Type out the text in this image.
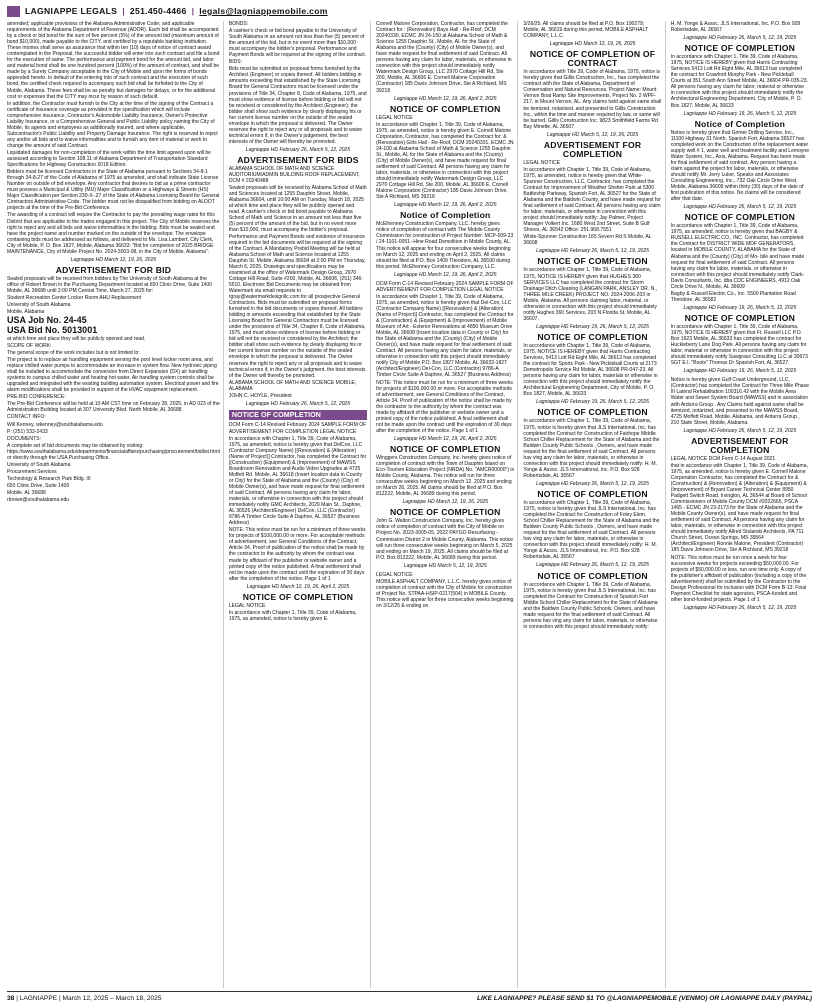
LAGNIAPPE LEGALS | 251.450-4466 | legals@lagniappemobile.com

amended; applicable provisions of the Alabama Administrative Code; and applicable requirements of the Alabama Department of Revenue (ADOR). Each bid shall be accompanied by a check or bid bond for the sum of five percent (5%) of the amount bid (maximum amount of bond $10,000), made payable to the CITY, and certified by a reputable banking institution. These monies shall serve as assurance that within ten (10) days of notice of contract award contemplated in the Proposal, the successful bidder will enter into such contract and file a bond for the execution of same. The performance and payment bond for the amount bid, and labor and material bond shall be one hundred percent (100%) of the amount of contract, and shall be made by a Surety Company acceptable to the City of Mobile and upon the forms of bonds appended hereto. In default of the entering into of such contract and the execution of such bond, the certified check required to accompany such bid shall be forfeited to the City of Mobile, Alabama. These fees shall be as penalty but damages for delays, or for the additional cost or expenses that the CITY may incur by reason of such default.

In addition, the Contractor must furnish to the City at the time of the signing of the Contract a certificate of insurance coverage as provided in the specification which will include comprehensive insurance, Contractor's Automobile Liability Insurance, Owner's Protective Liability Insurance, or a Comprehensive General and Public Liability policy naming the City of Mobile, its agents and employees as additionally insured, and where applicable, Subcontractor's Public Liability and Property Damage Insurance. The right is reserved to reject any and/or all bids and to waive informalities and to furnish any item of material or work to change the amount of said Contract.

Liquidated damages for non-completion of the work within the time limit agreed upon will be assessed according to Section 108.11 of Alabama Department of Transportation Standard Specifications for Highway Construction 2018 Edition.

Bidders must be licensed Contractors in the State of Alabama pursuant to Sections 34-8-1 through 34-8-27 of the Code of Alabama of 1975 as amended, and shall indicate State License Number on outside of bid envelope. Any contractor that desires to bid as a prime contractor must possess a Municipal & Utility (MU) Major Classification or a Highways & Streets (HS) Major Classification per Section 230-X-.27 of the State of Alabama Licensing Board for General Contractors Administrative Code. The bidder must not be disqualified from bidding on ALDOT projects at the time of the Pre-Bid Conference.

The awarding of a contract will require the Contractor to pay the prevailing wage rates for this District that are applicable to the trades engaged in this project. The City of Mobile reserves the right to reject any and all bids and waive informalities in the bidding. Bids must be sealed and have the project name and number marked on the outside of the envelope. The envelope containing bids must be addressed as follows, and delivered to Ms. Lisa Lambert, City Clerk, City of Mobile, P. O. Box 1827, Mobile, Alabama 36633: "Bid for completion of 2025 BRIDGE MAINTENANCE, City of Mobile Project No. 2024-3003-08, in the City of Mobile, Alabama".

Lagniappe HD March 12, 19, 26, 2025
ADVERTISEMENT FOR BID

Sealed proposals will be received from bidders by The University of South Alabama at the office of Robert Brown in the Purchasing Department located at 650 Clinic Drive, Suite 1400 Mobile, AL 36688 until 2:00 PM Central Time, March 27, 2025 for:

Student Recreation Center Locker Room AHU Replacement

University of South Alabama

Mobile, Alabama

USA Job No. 24-45
USA Bid No. 5013001

at which time and place they will be publicly opened and read.

SCOPE OF WORK:

The general scope of the work includes but is not limited to:

The project is to replace air handling equipment serving the pool level locker room area, and replace chilled water pumps to accommodate an increase in system flow. New hydronic piping shall be installed to accommodate the conversion from Direct Expansion (DX) air handling systems to campus chilled water and heating hot water. Air handling system controls shall be upgraded and integrated with the existing building automation system. Electrical power and fire alarm modifications shall be provided in support of the HVAC equipment replacement.

PRE-BID CONFERENCE:

The Pre-Bid Conference will be held at 10 AM CST time on February 28, 2025, in AD 023 of the Administration Building located at 307 University Blvd. North Mobile, AL 36688

CONTACT INFO:

Will Kenney, wkenney@southalabama.edu

P: (251) 533-2433

DOCUMENTS:

A complete set of bid documents may be obtained by visiting: https://www.southalabama.edu/departments/financialaffairs/purchasing/procurement/bidlist.html or directly through the USA Purchasing Office.

University of South Alabama

Procurement Services

Technology & Research Park Bldg. III

650 Clinic Drive, Suite 1400

Mobile, AL 36688

rbrown@southalabama.edu

BONDS:

A cashier's check or bid bond payable to the University of South Alabama in an amount not less than five (5) percent of the amount of the bid, but in no event more than $10,000 must accompany the bidder's proposal. Performance and Payment Bonds will be required at the signing of the contract.

BIDS:

Bids must be submitted on proposal forms furnished by the Architect (Engineer) or copies thereof. All bidders bidding in amounts exceeding that established by the State Licensing Board for General Contractors must be licensed under the provisions of Title 34, Chapter 8, Code of Alabama, 1975, and must show evidence of license before bidding or bid will not be received or considered by the Architect (Engineer); the bidder shall show such evidence by clearly displaying his or her current license number on the outside of the sealed envelope in which the proposal is delivered. The Owner reserves the right to reject any or all proposals and to waive technical errors if, in the Owner's judgement, the best interests of the Owner will thereby be promoted.

Lagniappe HD February 26, March 5, 12, 2025
ADVERTISEMENT FOR BIDS

ALABAMA SCHOOL OF MATH AND SCIENCE AUDITORIUM/ADMIN BUILDING ROOF REPLACEMENT, DCM # 20240488

Sealed proposals will be received by Alabama School of Math and Sciences located at 1255 Dauphin Street, Mobile, Alabama 36604, until 10:00 AM on Tuesday, March 18, 2025 at which time and place they will be publicly opened and read. A cashier's check or bid bond payable to Alabama School of Math and Science in an amount not less than five (5) percent of the amount of the bid, but in no event more than $10,000, must accompany the bidder's proposal. Performance and Payment Bonds and evidence of insurance required in the bid documents will be required at the signing of the Contract. A Mandatory Prebid Meeting will be held at Alabama School of Math and Science located at 1255 Dauphin St. Mobile, Alabama 36604 at 2:00 PM on Thursday, March 6, 2025. Drawings and specifications may be examined at the office of Watermark Design Group, 2970 Cottage Hill Road, Suite #200, Mobile, AL 36606, (251) 346-5510. Electronic Bid Documents may be obtained from Watermark via email requests to rgray@watermarkdesignllc.com for all prospective General Contractors. Bids must be submitted on proposal forms furnished in the bid documents or copies thereof. All bidders bidding in amounts exceeding that established by the State Licensing Board for General Contractors must be licensed under the provisions of Title 34, Chapter 8, Code of Alabama, 1975, and must show evidence of license before bidding or bid will not be received or considered by the Architect; the bidder shall show such evidence by clearly displaying his or her current license number on the outside of the sealed envelope in which the proposal is delivered. The Owner reserves the right to reject any or all proposals and to waive technical errors if, in the Owner's judgment, the best interests of the Owner will thereby be promoted.

ALABAMA SCHOOL OF MATH AND SCIENCE MOBILE, ALABAMA

JOHN C. HOYLE, President

Lagniappe HD February 26, March 5, 12, 2025
NOTICE OF COMPLETION

DCM Form C-14 Revised February 2024 SAMPLE FORM OF ADVERTISEMENT FOR COMPLETION LEGAL NOTICE

In accordance with Chapter 1, Title 39, Code of Alabama, 1975, as amended, notice is hereby given that DelCon, LLC (Contractor Company Name) [(Renovation) & (Alteration) (Name of Project)] Contractor, has completed the Contract for [(Construction) (Equipment) & (Improvement) of MAWSS Boardroom Renovation and Audio Video Upgrades at 4725 Moffett Rd. Mobile, AL 36618 (Insert location data in County or City) for the State of Alabama and the (County) (City) of Mobile Owner(s), and have made request for final settlement of said Contract. All persons having any claim for labor, materials, or otherwise in connection with this project should immediately notify GMC Architects, 2029 Main St., Daphne, AL 36526 (Architect/Engineer) DelCon, LLC (Contractor) 9786-A Timber Circle Suite A Daphne, AL 36527 (Business Address)

NOTE: This notice must be run for a minimum of three weeks for projects of $100,000.00 or more. For acceptable methods of advertisement, see General Conditions of the Contract, Article 34. Proof of publication of the notice shall be made by the contractor to the authority by whom the contract was made by affidavit of the publisher or website owner and a printed copy of the notice published. A final settlement shall not be made upon the contract until the expiration of 30 days after the completion of the notice. Page 1 of 1

Lagniappe HD March 12, 19, 26, April 2, 2025
NOTICE OF COMPLETION

LEGAL NOTICE

In accordance with Chapter 1, Title 39, Code of Alabama, 1975, as amended, notice is hereby given E.

Cornell Malone Corporation, Contractor, has completed the Contract for : (Renovation) Bays Hall - Re-Roof, DCM 20240330, ECMC JN 24-150 at Alabama School of Math & Science 1255 Dauphin St., Mobile, AL for the State of Alabama and the (County) (City) of Mobile Owner(s), and have made request for final settlement of said Contract. All persons having any claim for labor, materials, or otherwise in connection with this project should immediately notify Watermark Design Group, LLC 2970 Cottage Hill Rd, Ste 200, Mobile, AL 36606 E. Cornell Malone Corporation (Contractor) 185 Davis Johnson Drive, Ste A Richland, MS 39218

Lagniappe HD March 12, 19, 26, April 2, 2025
NOTICE OF COMPLETION

LEGAL NOTICE

In accordance with Chapter 1, Title 39, Code of Alabama, 1975, as amended, notice is hereby given E. Cornell Malone Corporation, Contractor, has completed the Contract for: & (Renovation) Girls Hall - Re-Roof, DCM 20240331, ECMC JN 24-100 at Alabama School of Math & Science 1255 Dauphin St., Mobile, AL for the State of Alabama and the (County) (City) of Mobile Owner(s), and have made request for final settlement of said Contract. All persons having any claim for labor, materials, or otherwise in connection with this project should immediately notify Watermark Design Group, LLC 2970 Cottage Hill Rd, Ste 200, Mobile, AL 36606 E. Cornell Malone Corporation (Contractor) 185 Davis Johnson Drive, Ste A Richland, MS 39218

Lagniappe HD March 12, 19, 26, April 2, 2025
Notice of Completion

McElhenney Construction Company, LLC. hereby gives notice of completion of contract with The Mobile County Commission for construction of Project Number: MCP-009-23 / 24-1101-0051--Hine Road Demolition in Mobile County, AL. This notice will appear for four consecutive weeks beginning on March 12, 2025 and ending on April 2, 2025. All claims should be filed at P.O. Box 1409 Theodore, AL 36590 during this period. McElhenney Construction Company, LLC.

Lagniappe HD March 12, 19, 26, April 2, 2025

DCM Form C-14 Revised February 2024 SAMPLE FORM OF ADVERTISEMENT FOR COMPLETION LEGAL NOTICE

In accordance with Chapter 1, Title 39, Code of Alabama, 1975, as amended, notice is hereby given that Del-Con, LLC (Contractor Company Name) [(Renovation) & (Alteration) (Name of Project)] Contractor, has completed the Contract for & (Construction) & (Equipment) & (Improvement) of Mobile Museum of Art - Exterior Renovations at 4850 Museum Drive Mobile, AL 36608 (Insert location data in County or City) for the State of Alabama and the (County) (City) of Mobile Owner(s), and have made request for final settlement of said Contract. All persons having any claim for labor, materials, or otherwise in connection with this project should immediately notify City of Mobile P.O. Box 1827 Mobile, AL 36633-1827 (Architect/Engineer) Del-Con, LLC (Contractor) 9786-A Timber Circle Suite A Daphne, AL 36527 (Business Address)

NOTE: This notice must be run for a minimum of three weeks for projects of $100,000.00 or more. For acceptable methods of advertisement, see General Conditions of the Contract, Article 34. Proof of publication of the notice shall be made by the contractor to the authority by whom the contract was made by affidavit of the publisher or website owner and a printed copy of the notice published. A final settlement shall not be made upon the contract until the expiration of 30 days after the completion of the notice. Page 1 of 1

Lagniappe HD March 12, 19, 26, April 2, 2025
NOTICE OF COMPLETION

Winggers Construction Company, Inc. hereby gives notice of completion of contract with the Town of Dauphin Island on Eco-Tourism Education Project (NRDA) No. "AMCR00000") in Mobile County, Alabama. This notice will run for three consecutive weeks beginning on March 12, 2025 and ending on March 26, 2025. All claims should be filed at P.O. Box 812222, Mobile, AL 36689 during this period.

Lagniappe HD March 12, 19, 26, 2025
NOTICE OF COMPLETION

John G. Walton Construction Company, Inc. hereby gives notice of completion of contract with the City of Mobile on Project No. 2023-3005-05, 2022 PAYGO Resurfacing - Commission District 2 in Mobile County, Alabama. This notice will run three consecutive weeks beginning on March 5, 2025 and ending on March 19, 2025. All claims should be filed at P.O. Box 812222, Mobile, AL 36689 during this period.

Lagniappe HD March 5, 12, 19, 2025

LEGAL NOTICE

MOBILE ASPHALT COMPANY, L.L.C. hereby gives notice of completion of contract with the City of Mobile for construction of Project No. STPAA-HSIP-0217(504) in MOBILE County. This notice will appear for three consecutive weeks beginning on 3/12/25 & ending on

3/26/25. All claims should be filed at P.O. Box 190279; Mobile, AL 36619 during this period. MOBILE ASPHALT COMPANY, L.L.C.

Lagniappe HD March 12, 19, 26, 2025
NOTICE OF COMPLETION OF CONTRACT

In accordance with Title 39, Code of Alabama, 1975, notice is hereby given that Gillis Construction, Inc., has completed the contract with the State of Alabama, Department of Conservation and Natural Resources. Project Name: Mount Vernon Boat Ramp Site Improvements, Project No. 2 WPF-217, in Mount Vernon, AL. Any claims held against same shall be itemized, notarized, and presented to Gillis Construction Inc., within the time and manner required by law, or same will be barred. Gillis Construction Inc. 9823 Smithfield Farms Rd Bay Minette, AL 36507

Lagniappe HD March 5, 12, 19, 26, 2025
ADVERTISEMENT FOR COMPLETION

LEGAL NOTICE

In accordance with Chapter 1, Title 39, Code of Alabama, 1975, as amended, notice is hereby given that White-Spunner Construction, LLC, Contractor, has completed the Contract for Improvement of Weather Shelter Park at 5300 Battleship Parkway, Spanish Fort, AL 36527 for the State of Alabama and the Baldwin County, and have made request for final settlement of said Contract. All persons having any claim for labor, materials, or otherwise in connection with this project should immediately notify: Jay Palmer, Project Manager Volkert Inc. 1680 West 2nd Street, Suite B Gulf Shores, AL 36542 Office: 251.968.7551

White-Spunner Construction 165 Severn Rd S Mobile, AL 36608

Lagniappe HD February 26, March 5, 12, 19, 2025
NOTICE OF COMPLETION

In accordance with Chapter 1, Title 39, Code of Alabama, 1975, NOTICE IS HEREBY given that HUGHES 360 SERVICES LLC has completed the contract for Storm Drainage Ditch Cleaning (LANGAN PARK, ANSLEY DR. N., THREE MILE CREEK) PROJECT NO. 2024-2006-203 in Mobile, Alabama. All persons claiming labor, material, or otherwise in connection with this project should immediately notify Hughes 360 Services, 203 N Florida St. Mobile, AL 36607.

Lagniappe HD February 19, 26, March 5, 12, 2025
NOTICE OF COMPLETION

In accordance with Chapter 1, Title 39, Code of Alabama, 1975, NOTICE IS HEREBY given that Harris Contracting Services, 5413 Lott Rd Eight Mile, AL 36613 has completed the contract for Sports Park - New Pickleball Courts at 2173 Demetropolis Service Rd Mobile, AL 36608 PR-047-23. All persons having any claim for labor, materials or otherwise in connection with this project should immediately notify the Architectural Engineering Department, City of Mobile, P. O. Box 1827, Mobile, AL 36633

Lagniappe HD February 19, 26, March 5, 12, 2025
NOTICE OF COMPLETION

In accordance with Chapter 1, Title 39, Code of Alabama, 1975, notice is hereby given that JLS International, Inc. has completed the Contract for Construction of Fairhope Middle School Chiller Replacement for the State of Alabama and the Baldwin County Public Schools , Owners, and have made request for the final settlement of said Contract. All persons hav ving any claim for labor, materials, or otherwise in connection with this project should immediately notify: H. M. Yonge & Assoc. JLS International, Inc. P.O. Box 928 Robertsdale, AL 36567

Lagniappe HD February 26, March 5, 12, 19, 2025
NOTICE OF COMPLETION

In accordance with Chapter 1, Title 39, Code of Alabama, 1975, notice is hereby given that JLS International, Inc. has completed the Contract for Construction of Foley Elem. School Chiller Replacement for the State of Alabama and the Baldwin County Public Schools , Owners, and have made request for the final settlement of said Contract. All persons hav ving any claim for labor, materials, or otherwise in connection with this project should immediately notify: H. M. Yonge & Assoc. JLS International, Inc. P.O. Box 928 Robertsdale, AL 36567

Lagniappe HD February 26, March 5, 12, 19, 2025
NOTICE OF COMPLETION

In accordance with Chapter 1, Title 39, Code of Alabama, 1975, notice is hereby given that JLS International, Inc. has completed the Contract for Construction of Spanish Fort Middle School Chiller Replacement for the State of Alabama and the Baldwin County Public Schools, Owners, and have made request for the final settlement of said Contract. All persons hav ving any claim for labor, materials, or otherwise in connection with this project should immediately notify:

H. M. Yonge & Assoc. JLS International, Inc. P.O. Box 928 Robertsdale, AL 36567

Lagniappe HD February 26, March 5, 12, 19, 2025
NOTICE OF COMPLETION

In accordance with Chapter 1, Title 39, Code of Alabama, 1975, NOTICE IS HEREBY given that Harris Contracting Services 5413 Lott Rd Eight Mile, AL 36613 has completed the contract for Crawford Murphy Park - New Pickleball Courts at 351 South Ann Street Mobile, AL 36604 PR-035-23. All persons having any claim for labor, material or otherwise in connection with this project should immediately notify the Architectural Engineering Department, City of Mobile, P. O. Box 1827, Mobile, AL 36633

Lagniappe HD February 19, 26, March 5, 12, 2025
Notice of Completion

Notice is hereby given that Grimer Drilling Service, Inc., 11100 Highway 31 North, Spanish Fort, Alabama 36527 has completed work on the Construction of the replacement water supply well # 1, water well and treatment facility and Lemoyne Water System, Inc., Axis, Alabama. Request has been made for final settlement of said contract. Any person having a claim against the project for labor, materials, or otherwise should notify Mr. Jerry Luker, Speaks and Associates Consulting Engineering, Inc., 732 Oak Circle Drive West, Mobile, Alabama 36609 within thirty (30) days of the date of first publication of this notice. No claims will be considered after that date.

Lagniappe HD February 26, March 5, 12, 19, 2025
NOTICE OF COMPLETION

In accordance with Chapter 1, Title 39, Code of Alabama, 1975, as amended, notice is hereby given that BAGBY & RUSSELL ELECTRIC CO., INC. Contractor, has completed the Contract for DISTRICT WIDE MDF GENERATORS, located in MOBILE COUNTY, ALABAMA for the State of Alabama and the (County) (City) of Mo- bile and have made request for final settlement of said Contract. All persons having any claim for labor, materials, or otherwise in connection with this project should immediately notify Clark-Davis Consultants, Inc. dba CDC ENGINEERS, 4912 Oak Circle Drive N., Mobile, AL 36609

Bagby & Russell Electric Co., Inc. 5500 Plantation Road Theodore, AL 36582

Lagniappe HD February 19, 26, March 5, 12, 2025
NOTICE OF COMPLETION

In accordance with Chapter 1, Title 39, Code of Alabama, 1975, NOTICE IS HEREBY given that Ft. Russell LLC P.O. Box 1623 Mobile, AL 36633 has completed the contract for Huckleberry Lane Dog Park. All persons having any claim for labor, material or otherwise in connection with this project should immediately notify Sawgrass Consulting LLC at 30673 SGT E.I. "Boots" Thomas Dr Spanish Fort, AL 36527.

Lagniappe HD February 19, 26, March 5, 12, 2025

Notice is hereby given Gulf Coast Underground, LLC, (Contractor) has completed the Contract for Three Mile Phase III Lateral Rehabilitation 100316.42 with the Mobile Area Water and Sewer System Board (MAWSS) and in association with Ardurra Group . Any Claims held against same shall be itemized, notarized, and presented to the MAWSS Board, 4725 Moffett Road, Mobile, Alabama, and Ardurra Group , 210 State Street, Mobile, Alabama.

Lagniappe HD February 26, March 5, 12, 19, 2025
ADVERTISEMENT FOR COMPLETION

LEGAL NOTICE DCM Form C-14 August 2021

that in accordance with Chapter 1, Title 39, Code of Alabama, 1975, as amended, notice is hereby given E. Cornell Malone Corporation Contractor, has completed the Contract for & (Construction) & (Renovation) & (Alteration) & (Equipment) & (Improvement) of Bryant Career Technical Center 8950 Padgett Switch Road, Irvington, AL 36544 at Board of School Commissioners of Mobile County DCM #2022665, PSCA 1465 - ECMC JN 23-2173 for the State of Alabama and the Mobile County Owner(s), and have made request for final settlement of said Contract. All persons having any claim for labor, materials, or otherwise in connection with this project should immediately notify Allred Stolarski Architects, PA 711 Church Street, Ocean Springs, MS 39564 (Architect/Engineer) Ronnie Malone, President (Contractor) 185 Davis Johnson Drive, Ste A Richland, MS 39218

NOTE: This notice must be run once a week for four successive weeks for projects exceeding $50,000.00. For projects of $50,000.00 or less, run one time only. A copy of the publisher's affidavit of publication (including a copy of the advertisement) shall be submitted by the Contractor to the Design Professional for inclusion with DCM Form B-13: Final Payment Checklist for state agencies, PSCA-funded and other bond-funded projects. Page 1 of 1

Lagniappe HD February 26, March 5, 12, 19, 2025
38 | LAGNIAPPE | March 12, 2025 – March 18, 2025	LIKE LAGNIAPPE? PLEASE SEND $1 TO @LAGNIAPPEMOBILE (VENMO) OR LAGNIAPPE DAILY (PAYPAL)
